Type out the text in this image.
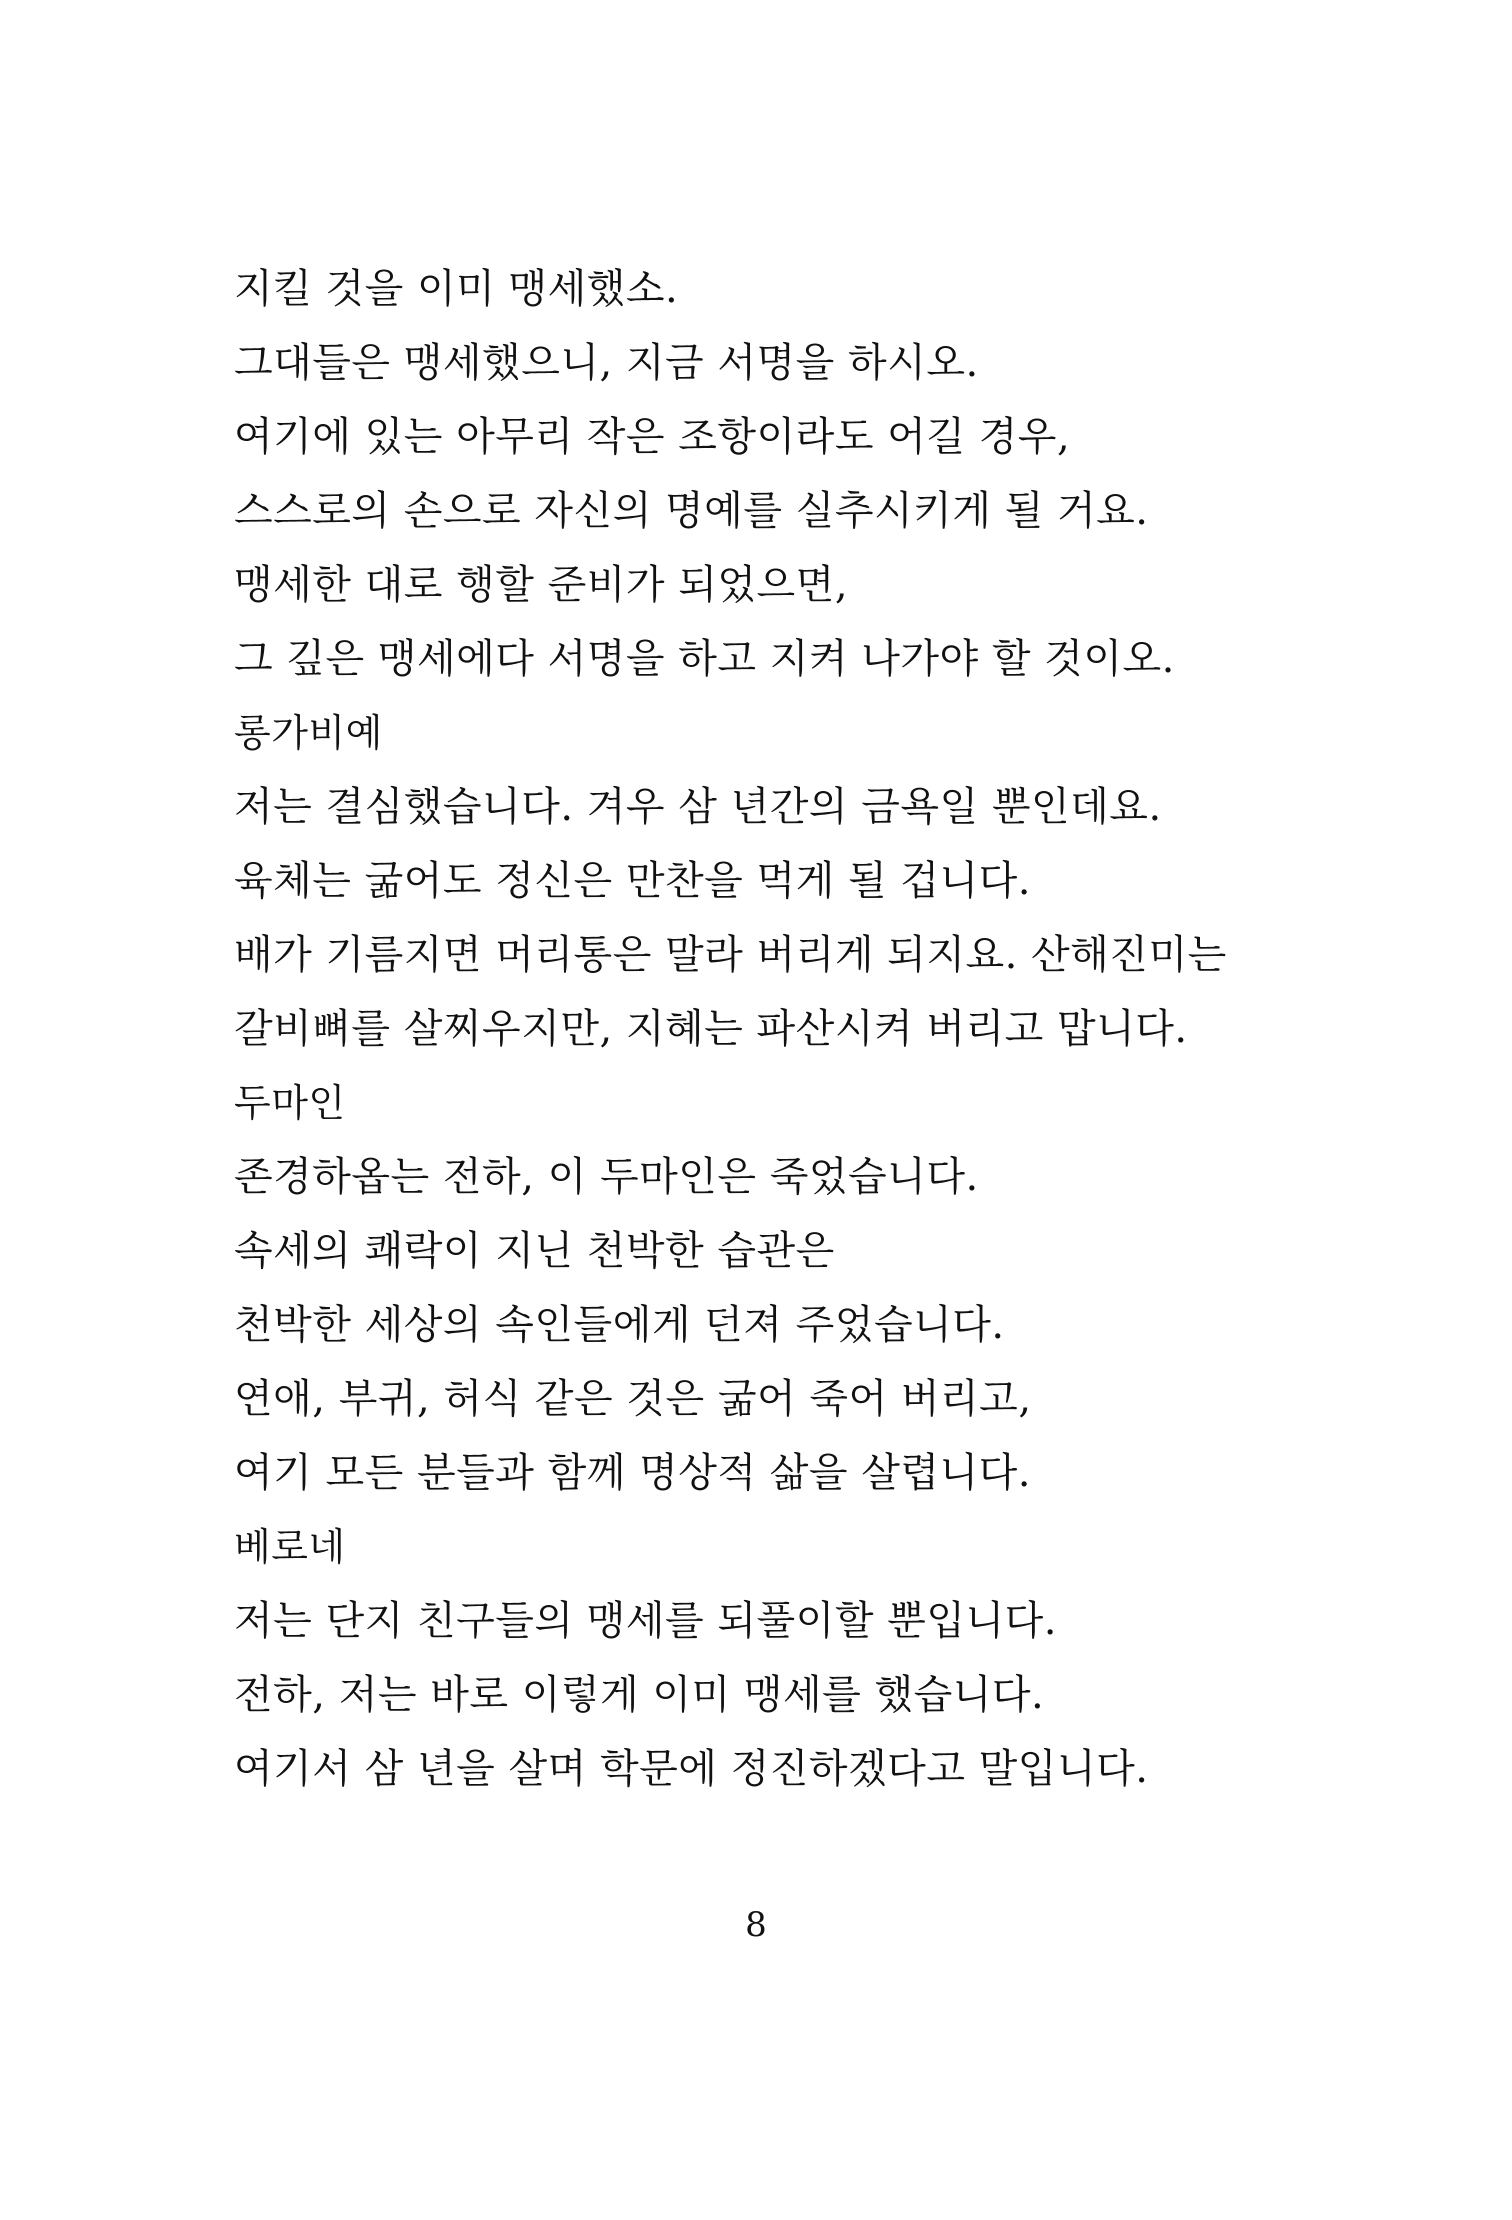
지킬 것을 이미 맹세했소.
그대들은 맹세했으니, 지금 서명을 하시오.
여기에 있는 아무리 작은 조항이라도 어길 경우,
스스로의 손으로 자신의 명예를 실추시키게 될 거요.
맹세한 대로 행할 준비가 되었으면,
그 깊은 맹세에다 서명을 하고 지켜 나가야 할 것이오.
롱가비예
저는 결심했습니다. 겨우 삼 년간의 금욕일 뿐인데요.
육체는 굶어도 정신은 만찬을 먹게 될 겁니다.
배가 기름지면 머리통은 말라 버리게 되지요. 산해진미는
갈비뼈를 살찌우지만, 지혜는 파산시켜 버리고 맙니다.
두마인
존경하옵는 전하, 이 두마인은 죽었습니다.
속세의 쾌락이 지닌 천박한 습관은
천박한 세상의 속인들에게 던져 주었습니다.
연애, 부귀, 허식 같은 것은 굶어 죽어 버리고,
여기 모든 분들과 함께 명상적 삶을 살렵니다.
베로네
저는 단지 친구들의 맹세를 되풀이할 뿐입니다.
전하, 저는 바로 이렇게 이미 맹세를 했습니다.
여기서 삼 년을 살며 학문에 정진하겠다고 말입니다.
8
